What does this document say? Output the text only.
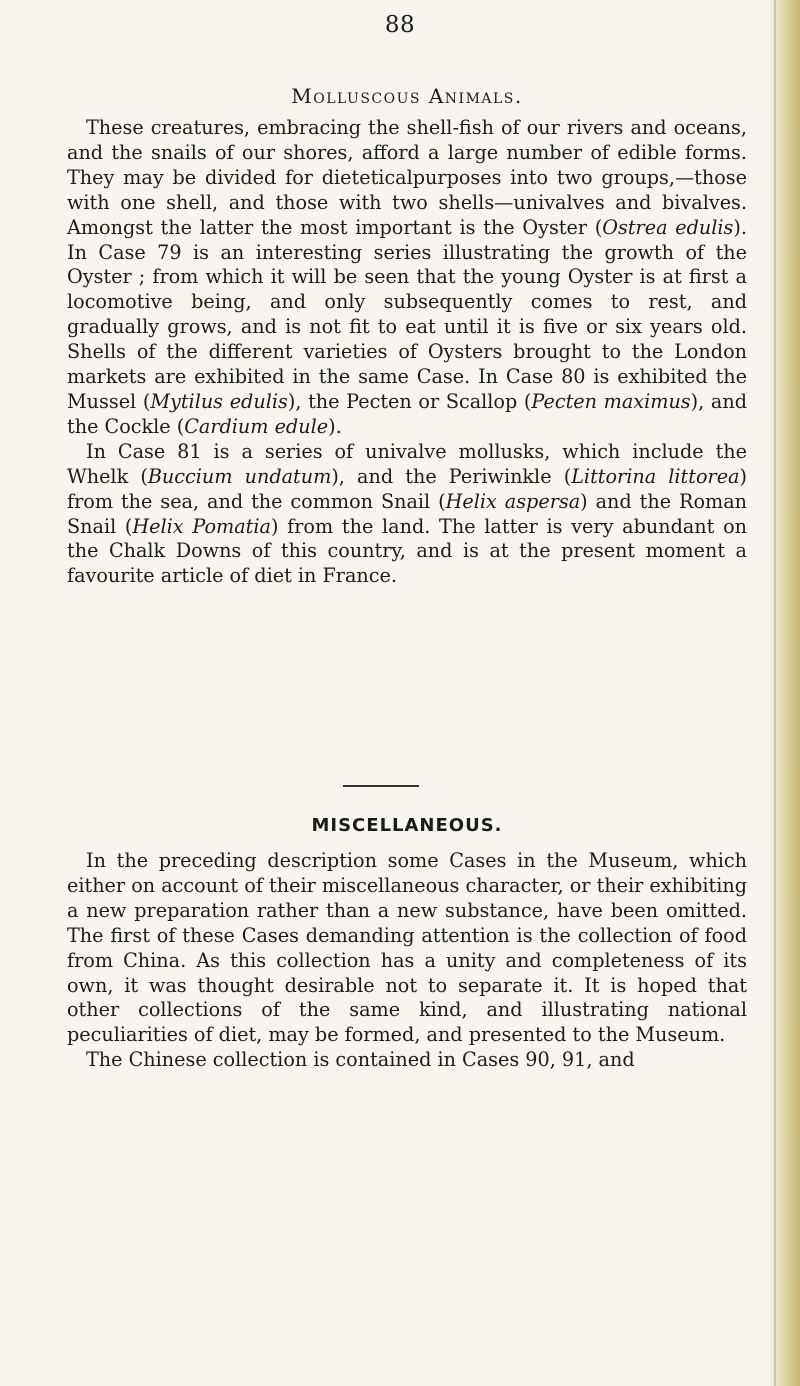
88
Molluscous Animals.

These creatures, embracing the shell-fish of our rivers and oceans, and the snails of our shores, afford a large number of edible forms. They may be divided for dieteticalpurposes into two groups,—those with one shell, and those with two shells—univalves and bivalves. Amongst the latter the most important is the Oyster (Ostrea edulis). In Case 79 is an interesting series illustrating the growth of the Oyster ; from which it will be seen that the young Oyster is at first a locomotive being, and only subsequently comes to rest, and gradually grows, and is not fit to eat until it is five or six years old. Shells of the different varieties of Oysters brought to the London markets are exhibited in the same Case. In Case 80 is exhibited the Mussel (Mytilus edulis), the Pecten or Scallop (Pecten maximus), and the Cockle (Cardium edule).

In Case 81 is a series of univalve mollusks, which include the Whelk (Buccium undatum), and the Periwinkle (Littorina littorea) from the sea, and the common Snail (Helix aspersa) and the Roman Snail (Helix Pomatia) from the land. The latter is very abundant on the Chalk Downs of this country, and is at the present moment a favourite article of diet in France.

MISCELLANEOUS.

In the preceding description some Cases in the Museum, which either on account of their miscellaneous character, or their exhibiting a new preparation rather than a new substance, have been omitted. The first of these Cases demanding attention is the collection of food from China. As this collection has a unity and completeness of its own, it was thought desirable not to separate it. It is hoped that other collections of the same kind, and illustrating national peculiarities of diet, may be formed, and presented to the Museum.

The Chinese collection is contained in Cases 90, 91, and
